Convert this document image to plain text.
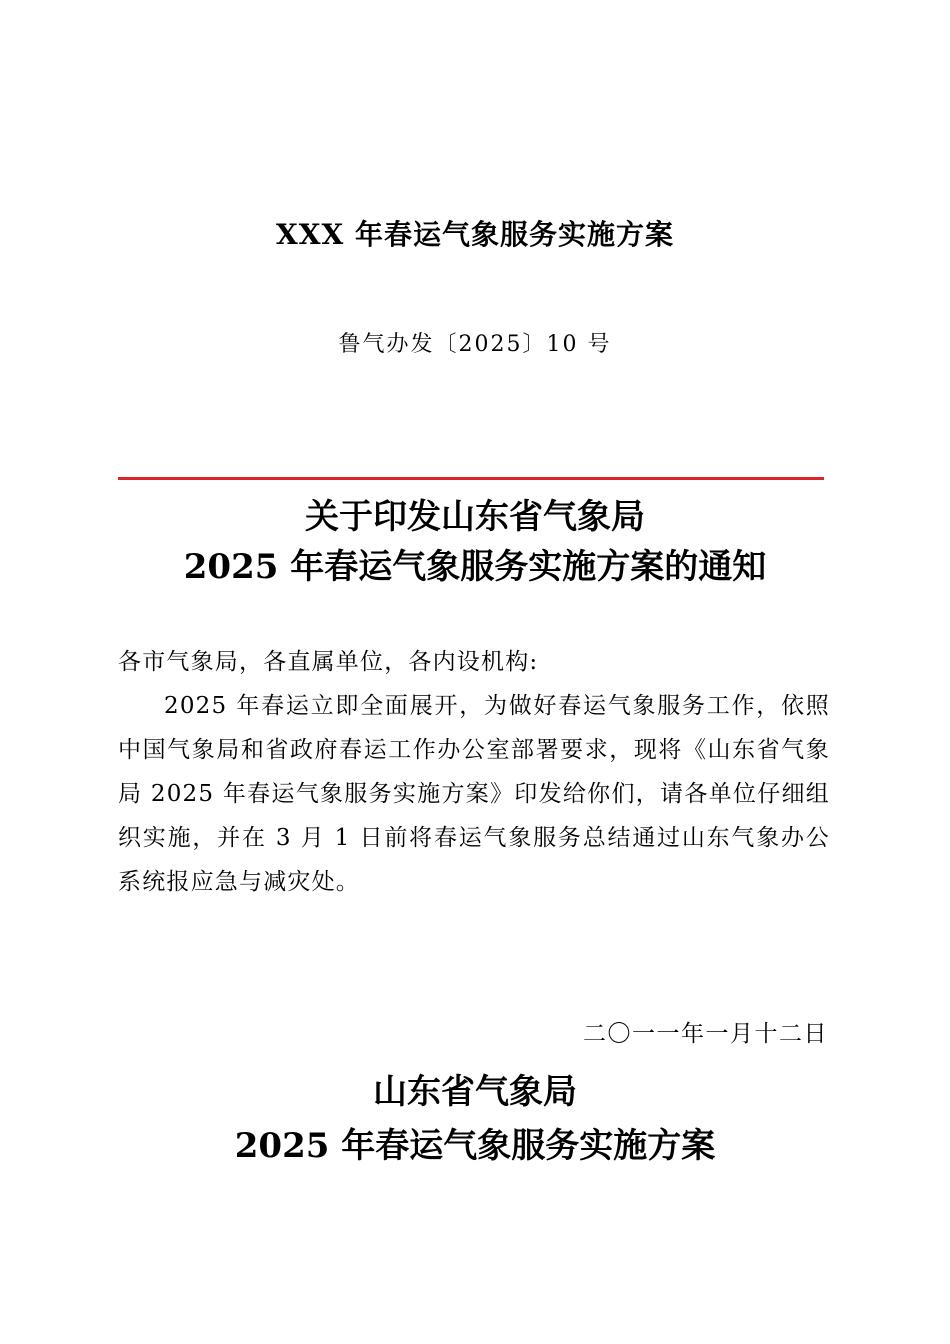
XXX 年春运气象服务实施方案
鲁气办发〔2025〕10 号
关于印发山东省气象局
2025 年春运气象服务实施方案的通知

各市气象局，各直属单位，各内设机构:

2025 年春运立即全面展开，为做好春运气象服务工作，依照中国气象局和省政府春运工作办公室部署要求，现将《山东省气象局 2025 年春运气象服务实施方案》印发给你们，请各单位仔细组织实施，并在 3 月 1 日前将春运气象服务总结通过山东气象办公系统报应急与减灾处。

二〇一一年一月十二日
山东省气象局
2025 年春运气象服务实施方案
